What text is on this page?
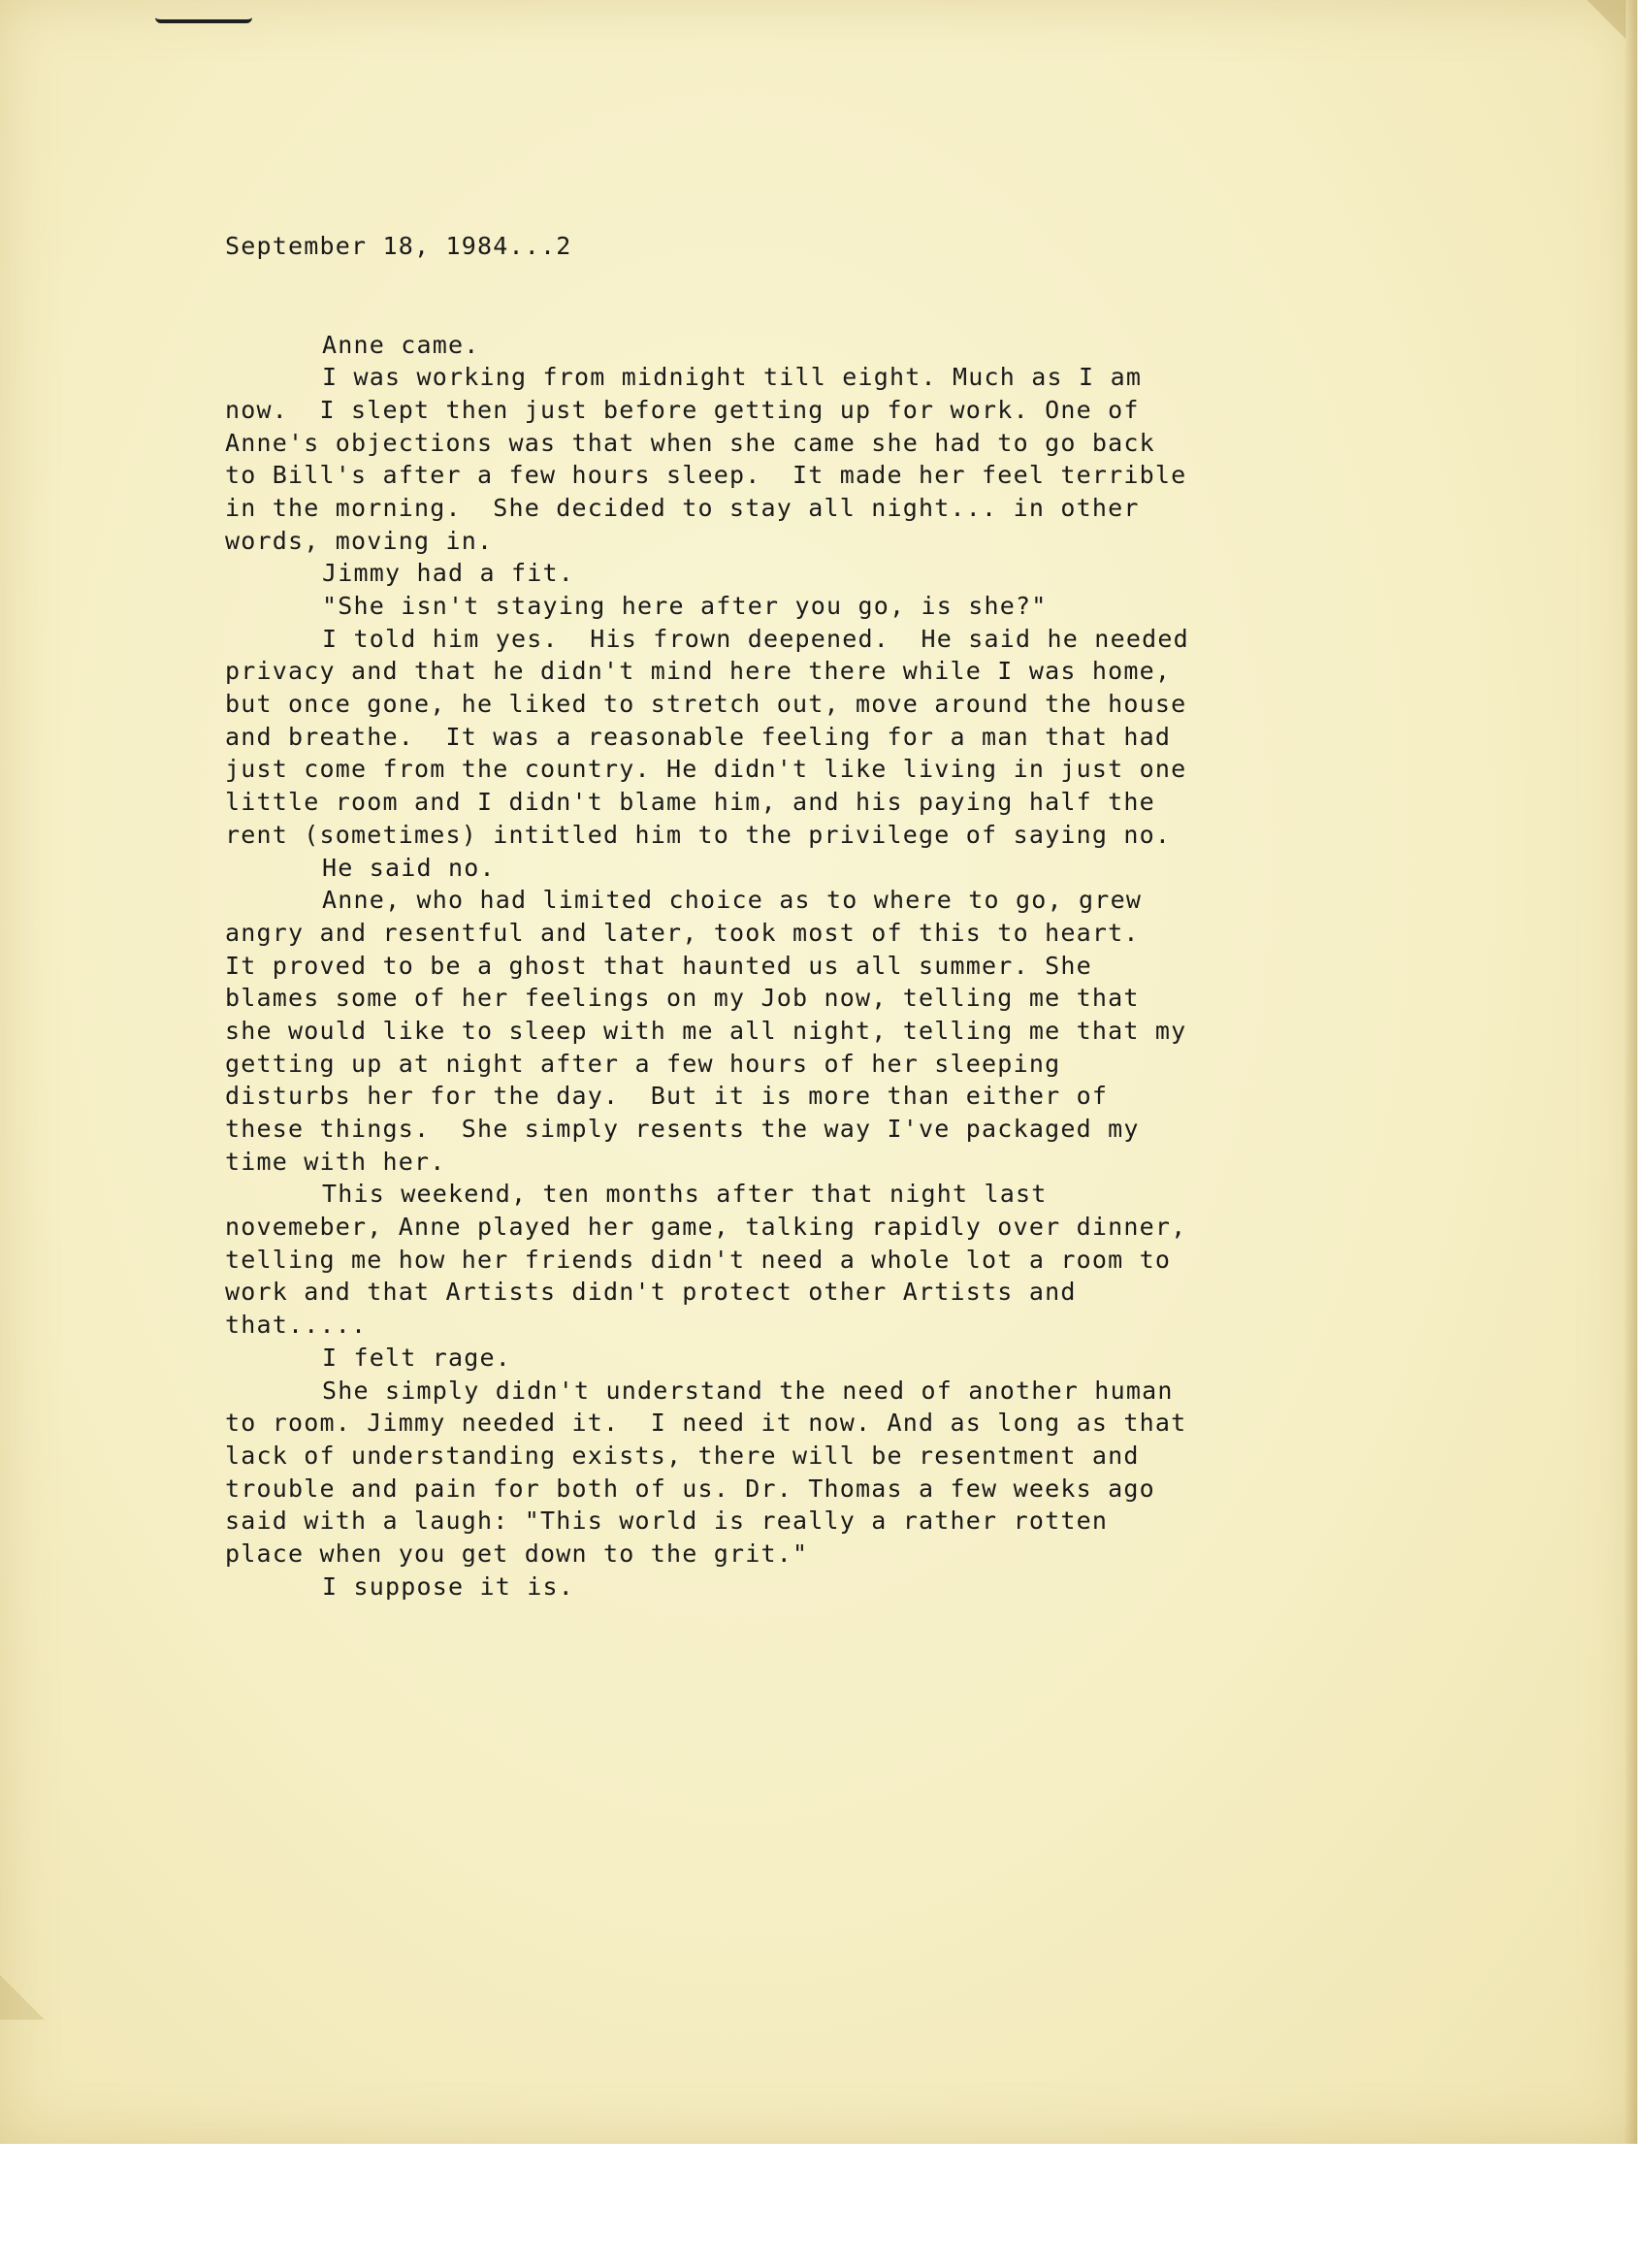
September 18, 1984...2

Anne came.
I was working from midnight till eight. Much as I am
now.  I slept then just before getting up for work. One of
Anne's objections was that when she came she had to go back
to Bill's after a few hours sleep.  It made her feel terrible
in the morning.  She decided to stay all night... in other
words, moving in.
Jimmy had a fit.
"She isn't staying here after you go, is she?"
I told him yes.  His frown deepened.  He said he needed
privacy and that he didn't mind here there while I was home,
but once gone, he liked to stretch out, move around the house
and breathe.  It was a reasonable feeling for a man that had
just come from the country. He didn't like living in just one
little room and I didn't blame him, and his paying half the
rent (sometimes) intitled him to the privilege of saying no.
He said no.
Anne, who had limited choice as to where to go, grew
angry and resentful and later, took most of this to heart.
It proved to be a ghost that haunted us all summer. She
blames some of her feelings on my Job now, telling me that
she would like to sleep with me all night, telling me that my
getting up at night after a few hours of her sleeping
disturbs her for the day.  But it is more than either of
these things.  She simply resents the way I've packaged my
time with her.
This weekend, ten months after that night last
novemeber, Anne played her game, talking rapidly over dinner,
telling me how her friends didn't need a whole lot a room to
work and that Artists didn't protect other Artists and
that.....
I felt rage.
She simply didn't understand the need of another human
to room. Jimmy needed it.  I need it now. And as long as that
lack of understanding exists, there will be resentment and
trouble and pain for both of us. Dr. Thomas a few weeks ago
said with a laugh: "This world is really a rather rotten
place when you get down to the grit."
I suppose it is.
